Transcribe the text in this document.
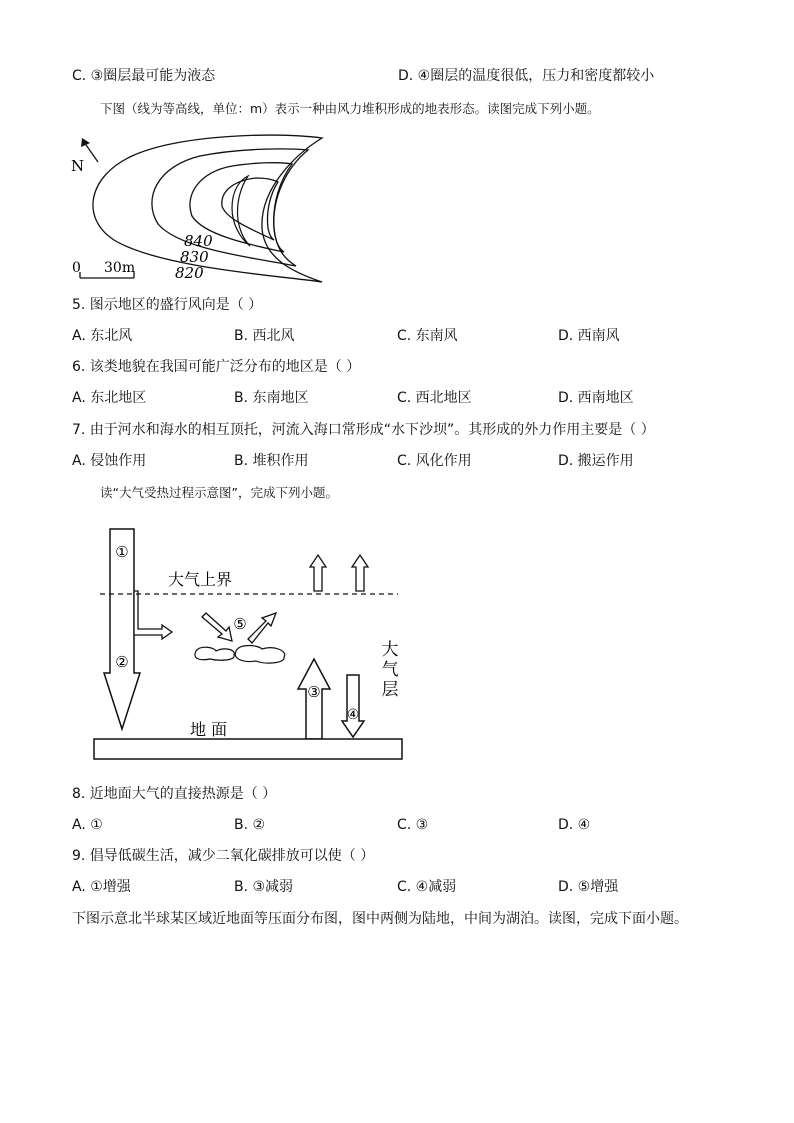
C. ③圈层最可能为液态	D. ④圈层的温度很低，压力和密度都较小
下图（线为等高线，单位：m）表示一种由风力堆积形成的地表形态。读图完成下列小题。
N
840
830
820
0 30m
5. 图示地区的盛行风向是（ ）
A. 东北风	B. 西北风	C. 东南风	D. 西南风
6. 该类地貌在我国可能广泛分布的地区是（ ）
A. 东北地区	B. 东南地区	C. 西北地区	D. 西南地区
7. 由于河水和海水的相互顶托，河流入海口常形成“水下沙坝”。其形成的外力作用主要是（ ）
A. 侵蚀作用	B. 堆积作用	C. 风化作用	D. 搬运作用
读“大气受热过程示意图”，完成下列小题。
①
②
大气上界
⑤
大
气
层
③
④
地 面
8. 近地面大气的直接热源是（ ）
A. ①	B. ②	C. ③	D. ④
9. 倡导低碳生活，减少二氧化碳排放可以使（ ）
A. ①增强	B. ③减弱	C. ④减弱	D. ⑤增强
下图示意北半球某区域近地面等压面分布图，图中两侧为陆地，中间为湖泊。读图，完成下面小题。
